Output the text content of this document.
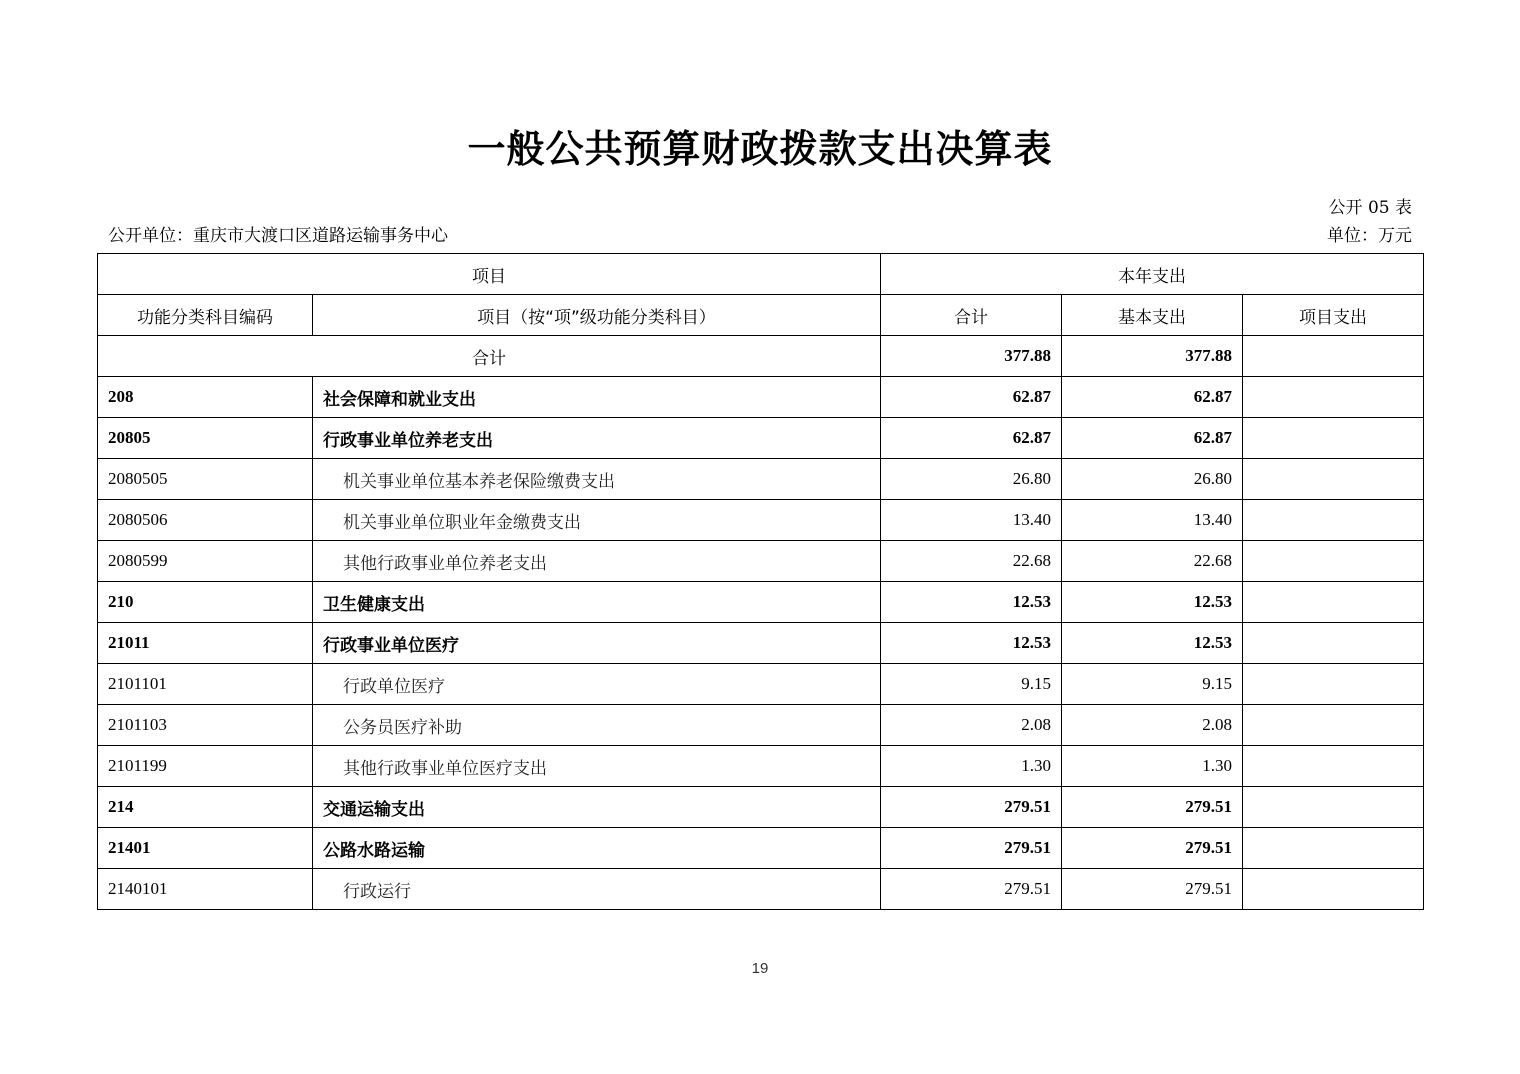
一般公共预算财政拨款支出决算表
公开 05 表
公开单位：重庆市大渡口区道路运输事务中心	单位：万元
项目		本年支出		
功能分类科目编码	项目（按“项”级功能分类科目）	合计	基本支出	项目支出
合计		377.88	377.88	
208	社会保障和就业支出	62.87	62.87	
20805	行政事业单位养老支出	62.87	62.87	
2080505	机关事业单位基本养老保险缴费支出	26.80	26.80	
2080506	机关事业单位职业年金缴费支出	13.40	13.40	
2080599	其他行政事业单位养老支出	22.68	22.68	
210	卫生健康支出	12.53	12.53	
21011	行政事业单位医疗	12.53	12.53	
2101101	行政单位医疗	9.15	9.15	
2101103	公务员医疗补助	2.08	2.08	
2101199	其他行政事业单位医疗支出	1.30	1.30	
214	交通运输支出	279.51	279.51	
21401	公路水路运输	279.51	279.51	
2140101	行政运行	279.51	279.51	
19
